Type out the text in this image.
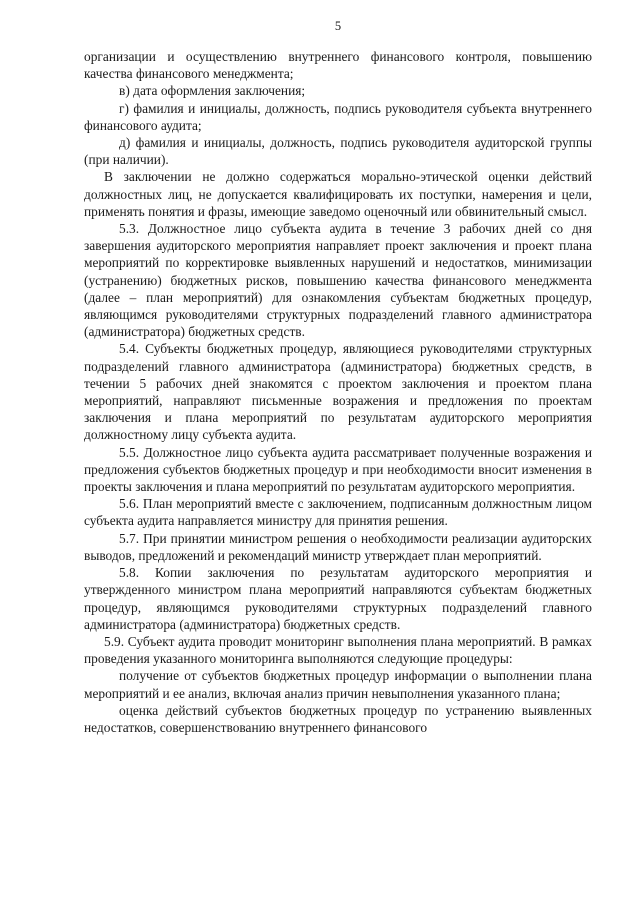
5

организации и осуществлению внутреннего финансового контроля, повышению качества финансового менеджмента;

в) дата оформления заключения;

г) фамилия и инициалы, должность, подпись руководителя субъекта внутреннего финансового аудита;

д) фамилия и инициалы, должность, подпись руководителя аудиторской группы (при наличии).

В заключении не должно содержаться морально-этической оценки действий должностных лиц, не допускается квалифицировать их поступки, намерения и цели, применять понятия и фразы, имеющие заведомо оценочный или обвинительный смысл.

5.3. Должностное лицо субъекта аудита в течение 3 рабочих дней со дня завершения аудиторского мероприятия направляет проект заключения и проект плана мероприятий по корректировке выявленных нарушений и недостатков, минимизации (устранению) бюджетных рисков, повышению качества финансового менеджмента (далее – план мероприятий) для ознакомления субъектам бюджетных процедур, являющимся руководителями структурных подразделений главного администратора (администратора) бюджетных средств.

5.4. Субъекты бюджетных процедур, являющиеся руководителями структурных подразделений главного администратора (администратора) бюджетных средств, в течении 5 рабочих дней знакомятся с проектом заключения и проектом плана мероприятий, направляют письменные возражения и предложения по проектам заключения и плана мероприятий по результатам аудиторского мероприятия должностному лицу субъекта аудита.

5.5. Должностное лицо субъекта аудита рассматривает полученные возражения и предложения субъектов бюджетных процедур и при необходимости вносит изменения в проекты заключения и плана мероприятий по результатам аудиторского мероприятия.

5.6. План мероприятий вместе с заключением, подписанным должностным лицом субъекта аудита направляется министру для принятия решения.

5.7. При принятии министром решения о необходимости реализации аудиторских выводов, предложений и рекомендаций министр утверждает план мероприятий.

5.8. Копии заключения по результатам аудиторского мероприятия и утвержденного министром плана мероприятий направляются субъектам бюджетных процедур, являющимся руководителями структурных подразделений главного администратора (администратора) бюджетных средств.

5.9. Субъект аудита проводит мониторинг выполнения плана мероприятий. В рамках проведения указанного мониторинга выполняются следующие процедуры:

получение от субъектов бюджетных процедур информации о выполнении плана мероприятий и ее анализ, включая анализ причин невыполнения указанного плана;

оценка действий субъектов бюджетных процедур по устранению выявленных недостатков, совершенствованию внутреннего финансового
